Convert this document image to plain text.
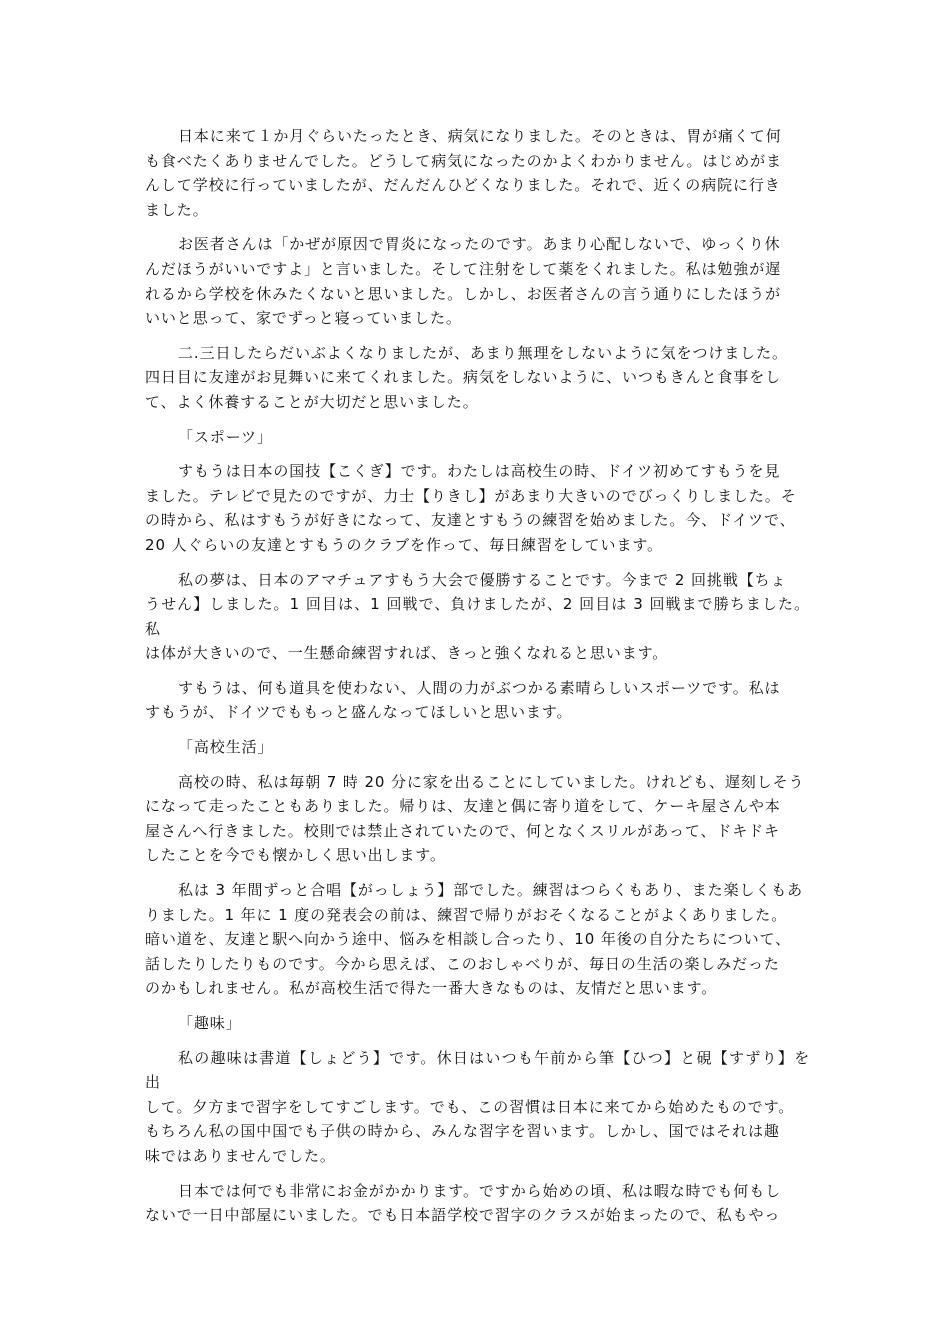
日本に来て１か月ぐらいたったとき、病気になりました。そのときは、胃が痛くて何
も食べたくありませんでした。どうして病気になったのかよくわかりません。はじめがま
んして学校に行っていましたが、だんだんひどくなりました。それで、近くの病院に行き
ました。

お医者さんは「かぜが原因で胃炎になったのです。あまり心配しないで、ゆっくり休
んだほうがいいですよ」と言いました。そして注射をして薬をくれました。私は勉強が遅
れるから学校を休みたくないと思いました。しかし、お医者さんの言う通りにしたほうが
いいと思って、家でずっと寝っていました。

二.三日したらだいぶよくなりましたが、あまり無理をしないように気をつけました。
四日目に友達がお見舞いに来てくれました。病気をしないように、いつもきんと食事をし
て、よく休養することが大切だと思いました。

「スポーツ」

すもうは日本の国技【こくぎ】です。わたしは高校生の時、ドイツ初めてすもうを見
ました。テレビで見たのですが、力士【りきし】があまり大きいのでびっくりしました。そ
の時から、私はすもうが好きになって、友達とすもうの練習を始めました。今、ドイツで、
20 人ぐらいの友達とすもうのクラブを作って、毎日練習をしています。

私の夢は、日本のアマチュアすもう大会で優勝することです。今まで 2 回挑戦【ちょ
うせん】しました。1 回目は、1 回戦で、負けましたが、2 回目は 3 回戦まで勝ちました。私
は体が大きいので、一生懸命練習すれば、きっと強くなれると思います。

すもうは、何も道具を使わない、人間の力がぶつかる素晴らしいスポーツです。私は
すもうが、ドイツでももっと盛んなってほしいと思います。

「高校生活」

高校の時、私は毎朝 7 時 20 分に家を出ることにしていました。けれども、遅刻しそう
になって走ったこともありました。帰りは、友達と偶に寄り道をして、ケーキ屋さんや本
屋さんへ行きました。校則では禁止されていたので、何となくスリルがあって、ドキドキ
したことを今でも懐かしく思い出します。

私は 3 年間ずっと合唱【がっしょう】部でした。練習はつらくもあり、また楽しくもあ
りました。1 年に 1 度の発表会の前は、練習で帰りがおそくなることがよくありました。
暗い道を、友達と駅へ向かう途中、悩みを相談し合ったり、10 年後の自分たちについて、
話したりしたりものです。今から思えば、このおしゃべりが、毎日の生活の楽しみだった
のかもしれません。私が高校生活で得た一番大きなものは、友情だと思います。

「趣味」

私の趣味は書道【しょどう】です。休日はいつも午前から筆【ひつ】と硯【すずり】を出
して。夕方まで習字をしてすごします。でも、この習慣は日本に来てから始めたものです。
もちろん私の国中国でも子供の時から、みんな習字を習います。しかし、国ではそれは趣
味ではありませんでした。

日本では何でも非常にお金がかかります。ですから始めの頃、私は暇な時でも何もし
ないで一日中部屋にいました。でも日本語学校で習字のクラスが始まったので、私もやっ
